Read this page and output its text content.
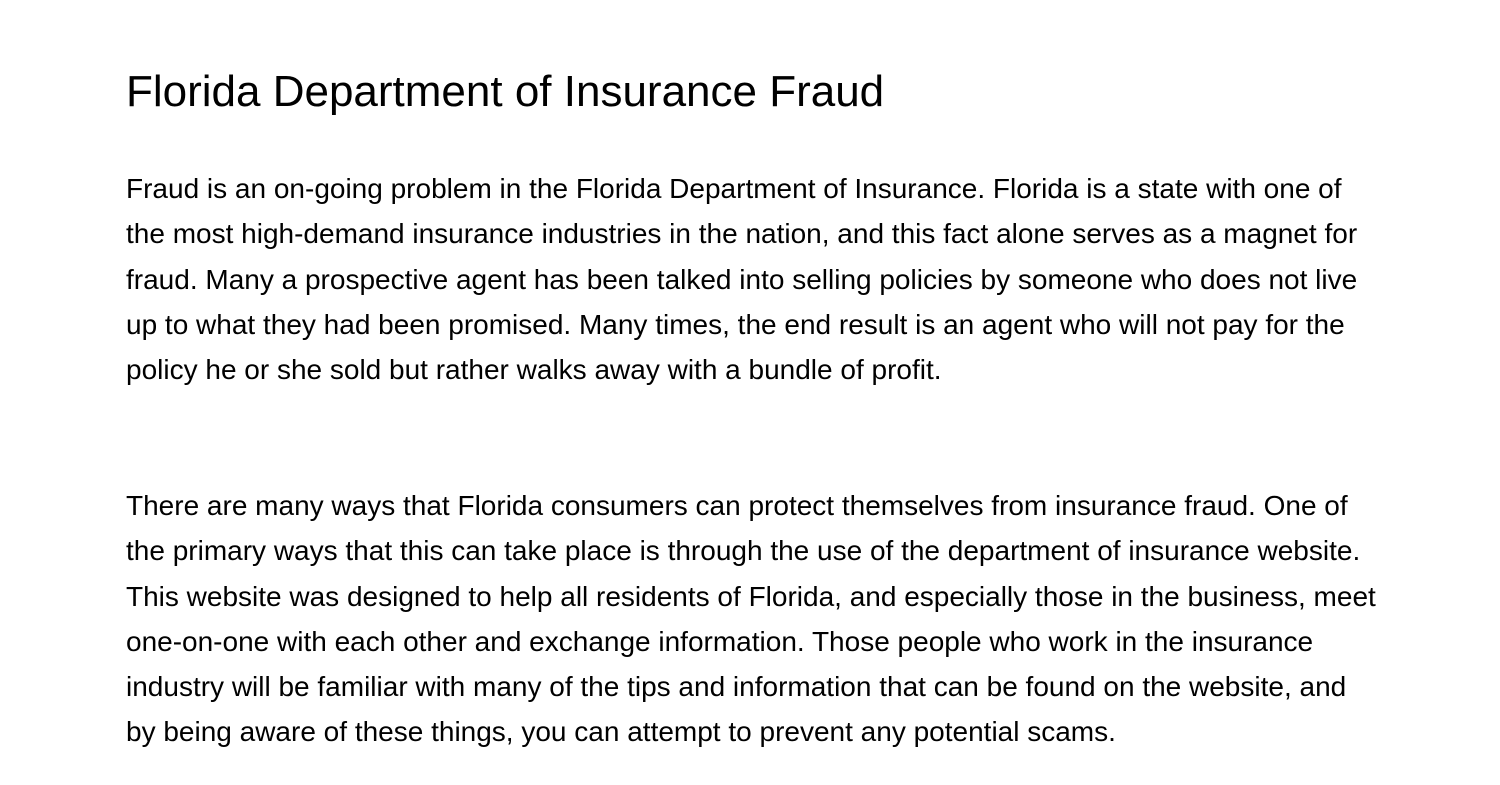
Florida Department of Insurance Fraud

Fraud is an on-going problem in the Florida Department of Insurance. Florida is a state with one of the most high-demand insurance industries in the nation, and this fact alone serves as a magnet for fraud. Many a prospective agent has been talked into selling policies by someone who does not live up to what they had been promised. Many times, the end result is an agent who will not pay for the policy he or she sold but rather walks away with a bundle of profit.

There are many ways that Florida consumers can protect themselves from insurance fraud. One of the primary ways that this can take place is through the use of the department of insurance website. This website was designed to help all residents of Florida, and especially those in the business, meet one-on-one with each other and exchange information. Those people who work in the insurance industry will be familiar with many of the tips and information that can be found on the website, and by being aware of these things, you can attempt to prevent any potential scams.
